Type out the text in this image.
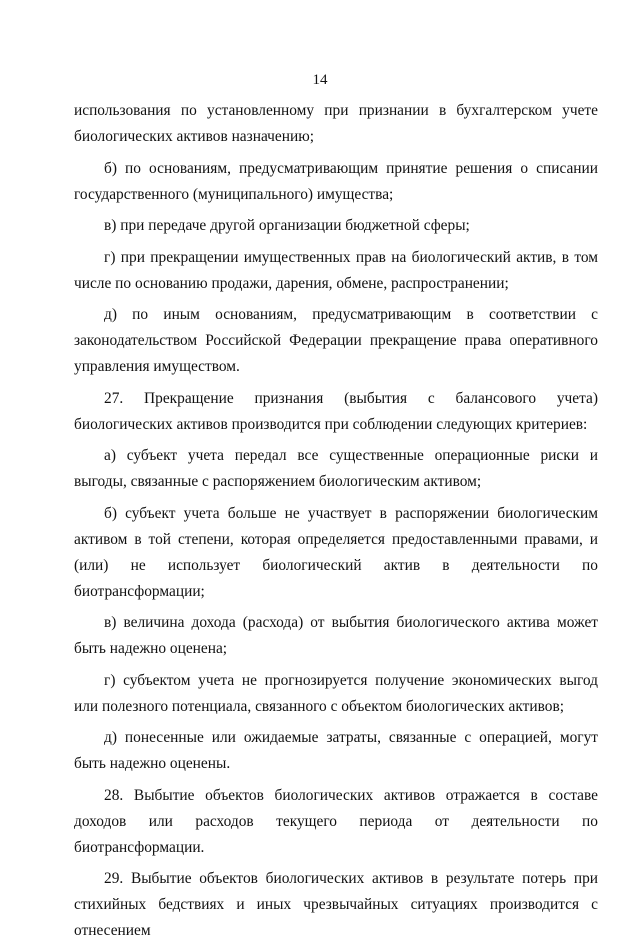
14

использования по установленному при признании в бухгалтерском учете биологических активов назначению;

б) по основаниям, предусматривающим принятие решения о списании государственного (муниципального) имущества;

в) при передаче другой организации бюджетной сферы;

г) при прекращении имущественных прав на биологический актив, в том числе по основанию продажи, дарения, обмене, распространении;

д) по иным основаниям, предусматривающим в соответствии с законодательством Российской Федерации прекращение права оперативного управления имуществом.

27. Прекращение признания (выбытия с балансового учета) биологических активов производится при соблюдении следующих критериев:

а) субъект учета передал все существенные операционные риски и выгоды, связанные с распоряжением биологическим активом;

б) субъект учета больше не участвует в распоряжении биологическим активом в той степени, которая определяется предоставленными правами, и (или) не использует биологический актив в деятельности по биотрансформации;

в) величина дохода (расхода) от выбытия биологического актива может быть надежно оценена;

г) субъектом учета не прогнозируется получение экономических выгод или полезного потенциала, связанного с объектом биологических активов;

д) понесенные или ожидаемые затраты, связанные с операцией, могут быть надежно оценены.

28. Выбытие объектов биологических активов отражается в составе доходов или расходов текущего периода от деятельности по биотрансформации.

29. Выбытие объектов биологических активов в результате потерь при стихийных бедствиях и иных чрезвычайных ситуациях производится с отнесением
